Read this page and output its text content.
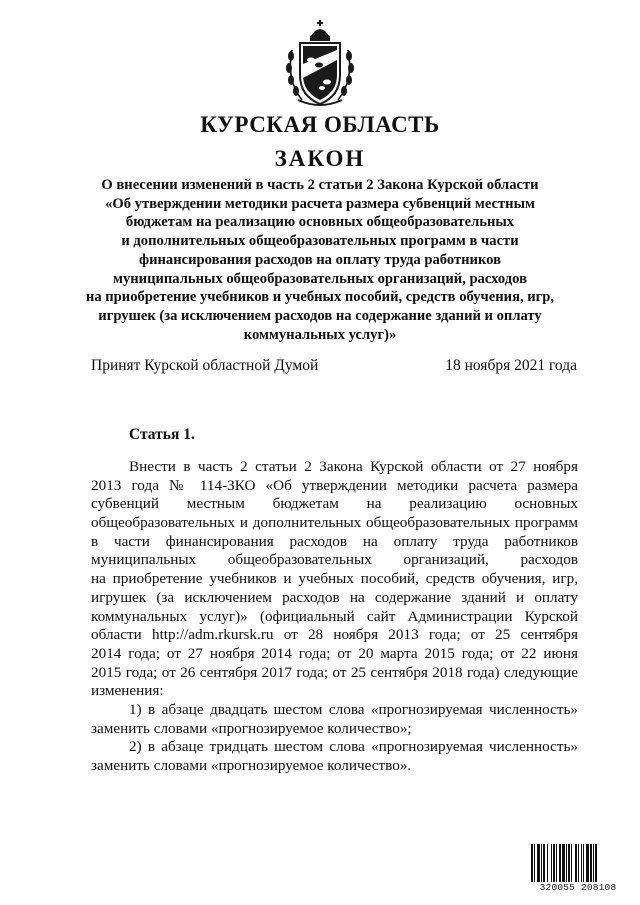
КУРСКАЯ ОБЛАСТЬ
ЗАКОН
О внесении изменений в часть 2 статьи 2 Закона Курской области
«Об утверждении методики расчета размера субвенций местным
бюджетам на реализацию основных общеобразовательных
и дополнительных общеобразовательных программ в части
финансирования расходов на оплату труда работников
муниципальных общеобразовательных организаций, расходов
на приобретение учебников и учебных пособий, средств обучения, игр,
игрушек (за исключением расходов на содержание зданий и оплату
коммунальных услуг)»
Принят Курской областной Думой	18 ноября 2021 года
Статья 1.
Внести в часть 2 статьи 2 Закона Курской области от 27 ноября
2013 года № 114-ЗКО «Об утверждении методики расчета размера
субвенций местным бюджетам на реализацию основных
общеобразовательных и дополнительных общеобразовательных программ
в части финансирования расходов на оплату труда работников
муниципальных общеобразовательных организаций, расходов
на приобретение учебников и учебных пособий, средств обучения, игр,
игрушек (за исключением расходов на содержание зданий и оплату
коммунальных услуг)» (официальный сайт Администрации Курской
области http://adm.rkursk.ru от 28 ноября 2013 года; от 25 сентября
2014 года; от 27 ноября 2014 года; от 20 марта 2015 года; от 22 июня
2015 года; от 26 сентября 2017 года; от 25 сентября 2018 года) следующие
изменения:
1) в абзаце двадцать шестом слова «прогнозируемая численность»
заменить словами «прогнозируемое количество»;
2) в абзаце тридцать шестом слова «прогнозируемая численность»
заменить словами «прогнозируемое количество».
320055 208108
